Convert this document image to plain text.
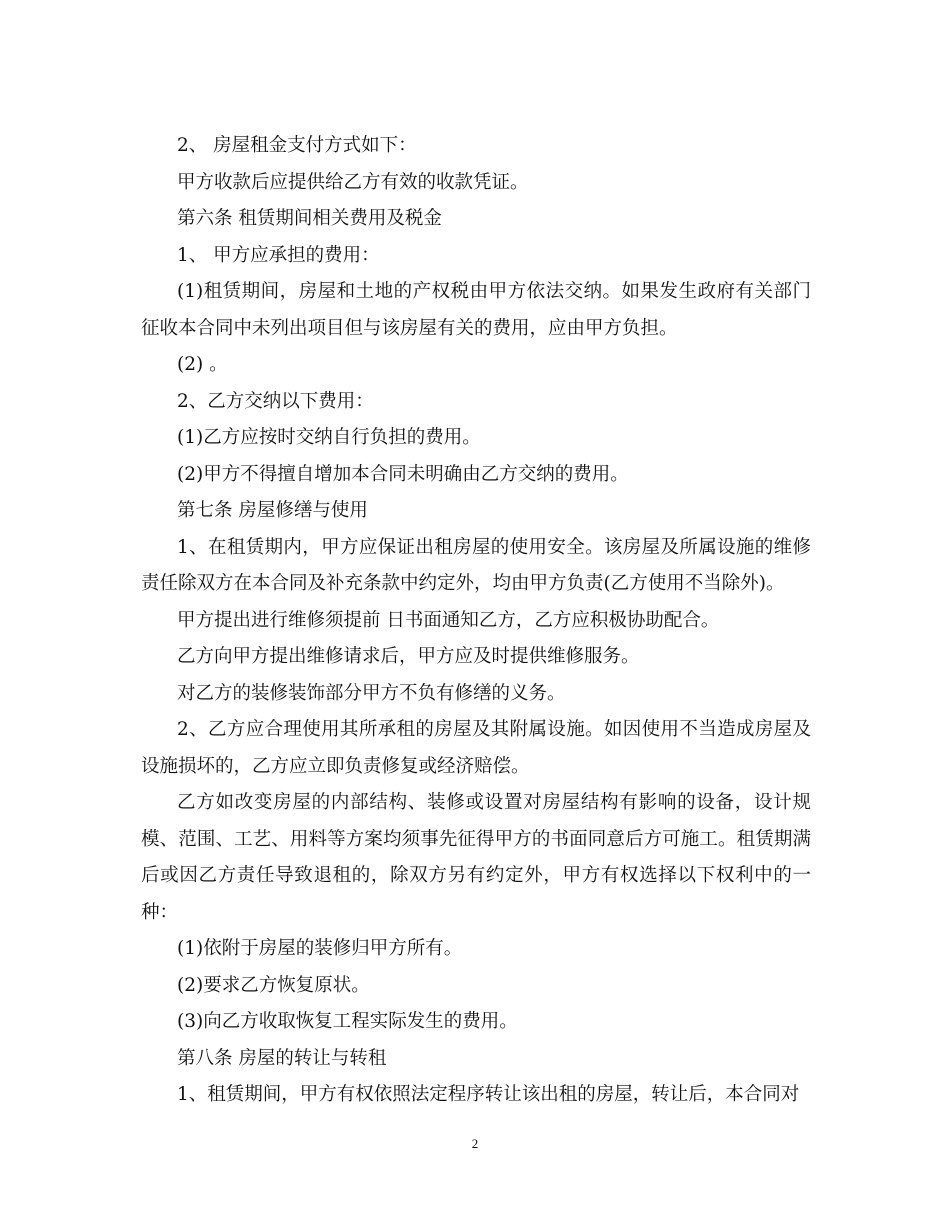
2、 房屋租金支付方式如下：

甲方收款后应提供给乙方有效的收款凭证。

第六条 租赁期间相关费用及税金

1、 甲方应承担的费用：

(1)租赁期间，房屋和土地的产权税由甲方依法交纳。如果发生政府有关部门征收本合同中未列出项目但与该房屋有关的费用，应由甲方负担。

(2) 。

2、乙方交纳以下费用：

(1)乙方应按时交纳自行负担的费用。

(2)甲方不得擅自增加本合同未明确由乙方交纳的费用。

第七条 房屋修缮与使用

1、在租赁期内，甲方应保证出租房屋的使用安全。该房屋及所属设施的维修责任除双方在本合同及补充条款中约定外，均由甲方负责(乙方使用不当除外)。

甲方提出进行维修须提前 日书面通知乙方，乙方应积极协助配合。

乙方向甲方提出维修请求后，甲方应及时提供维修服务。

对乙方的装修装饰部分甲方不负有修缮的义务。

2、乙方应合理使用其所承租的房屋及其附属设施。如因使用不当造成房屋及设施损坏的，乙方应立即负责修复或经济赔偿。

乙方如改变房屋的内部结构、装修或设置对房屋结构有影响的设备，设计规模、范围、工艺、用料等方案均须事先征得甲方的书面同意后方可施工。租赁期满后或因乙方责任导致退租的，除双方另有约定外，甲方有权选择以下权利中的一种：

(1)依附于房屋的装修归甲方所有。

(2)要求乙方恢复原状。

(3)向乙方收取恢复工程实际发生的费用。

第八条 房屋的转让与转租

1、租赁期间，甲方有权依照法定程序转让该出租的房屋，转让后，本合同对

2
